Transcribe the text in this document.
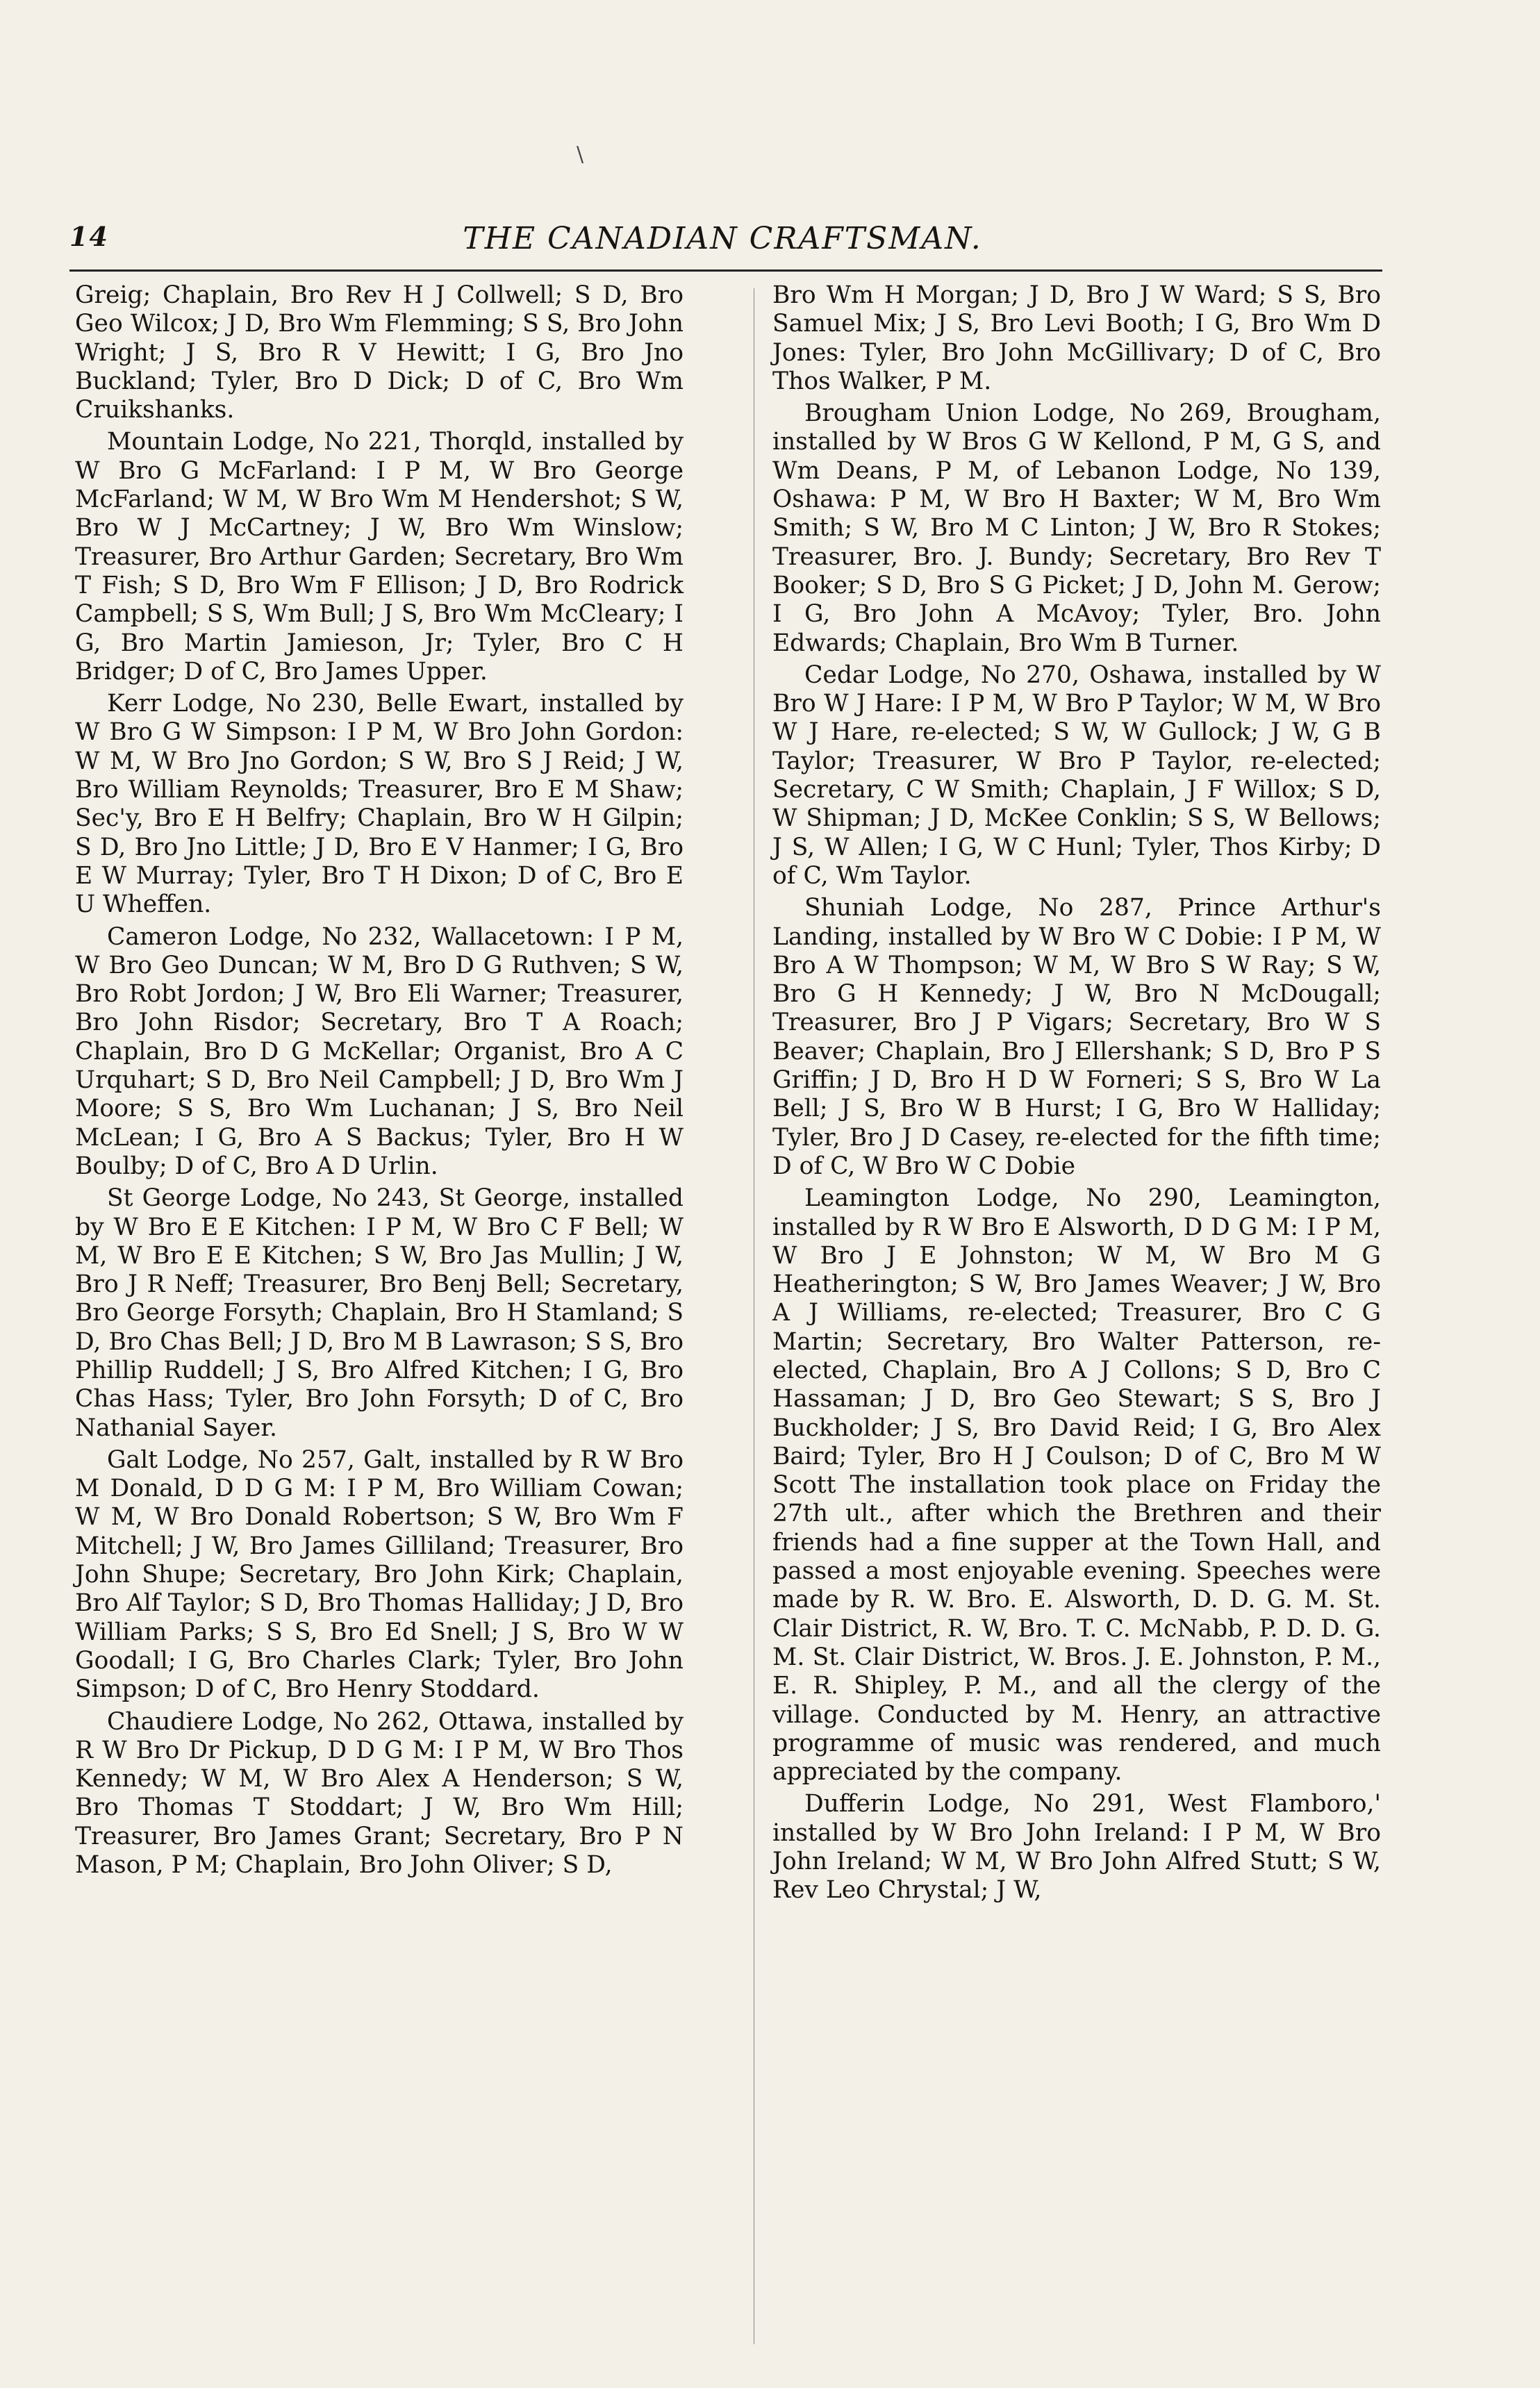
\
14	THE CANADIAN CRAFTSMAN.

Greig; Chaplain, Bro Rev H J Collwell; S D, Bro Geo Wilcox; J D, Bro Wm Flemming; S S, Bro John Wright; J S, Bro R V Hewitt; I G, Bro Jno Buckland; Tyler, Bro D Dick; D of C, Bro Wm Cruikshanks.

Mountain Lodge, No 221, Thorqld, installed by W Bro G McFarland: I P M, W Bro George McFarland; W M, W Bro Wm M Hendershot; S W, Bro W J McCartney; J W, Bro Wm Winslow; Treasurer, Bro Arthur Garden; Secretary, Bro Wm T Fish; S D, Bro Wm F Ellison; J D, Bro Rodrick Campbell; S S, Wm Bull; J S, Bro Wm McCleary; I G, Bro Martin Jamieson, Jr; Tyler, Bro C H Bridger; D of C, Bro James Upper.

Kerr Lodge, No 230, Belle Ewart, installed by W Bro G W Simpson: I P M, W Bro John Gordon: W M, W Bro Jno Gordon; S W, Bro S J Reid; J W, Bro William Reynolds; Treasurer, Bro E M Shaw; Sec'y, Bro E H Belfry; Chaplain, Bro W H Gilpin; S D, Bro Jno Little; J D, Bro E V Hanmer; I G, Bro E W Murray; Tyler, Bro T H Dixon; D of C, Bro E U Wheffen.

Cameron Lodge, No 232, Wallacetown: I P M, W Bro Geo Duncan; W M, Bro D G Ruthven; S W, Bro Robt Jordon; J W, Bro Eli Warner; Treasurer, Bro John Risdor; Secretary, Bro T A Roach; Chaplain, Bro D G McKellar; Organist, Bro A C Urquhart; S D, Bro Neil Campbell; J D, Bro Wm J Moore; S S, Bro Wm Luchanan; J S, Bro Neil McLean; I G, Bro A S Backus; Tyler, Bro H W Boulby; D of C, Bro A D Urlin.

St George Lodge, No 243, St George, installed by W Bro E E Kitchen: I P M, W Bro C F Bell; W M, W Bro E E Kitchen; S W, Bro Jas Mullin; J W, Bro J R Neff; Treasurer, Bro Benj Bell; Secretary, Bro George Forsyth; Chaplain, Bro H Stamland; S D, Bro Chas Bell; J D, Bro M B Lawrason; S S, Bro Phillip Ruddell; J S, Bro Alfred Kitchen; I G, Bro Chas Hass; Tyler, Bro John Forsyth; D of C, Bro Nathanial Sayer.

Galt Lodge, No 257, Galt, installed by R W Bro M Donald, D D G M: I P M, Bro William Cowan; W M, W Bro Donald Robertson; S W, Bro Wm F Mitchell; J W, Bro James Gilliland; Treasurer, Bro John Shupe; Secretary, Bro John Kirk; Chaplain, Bro Alf Taylor; S D, Bro Thomas Halliday; J D, Bro William Parks; S S, Bro Ed Snell; J S, Bro W W Goodall; I G, Bro Charles Clark; Tyler, Bro John Simpson; D of C, Bro Henry Stoddard.

Chaudiere Lodge, No 262, Ottawa, installed by R W Bro Dr Pickup, D D G M: I P M, W Bro Thos Kennedy; W M, W Bro Alex A Henderson; S W, Bro Thomas T Stoddart; J W, Bro Wm Hill; Treasurer, Bro James Grant; Secretary, Bro P N Mason, P M; Chaplain, Bro John Oliver; S D,

Bro Wm H Morgan; J D, Bro J W Ward; S S, Bro Samuel Mix; J S, Bro Levi Booth; I G, Bro Wm D Jones: Tyler, Bro John McGillivary; D of C, Bro Thos Walker, P M.

Brougham Union Lodge, No 269, Brougham, installed by W Bros G W Kellond, P M, G S, and Wm Deans, P M, of Lebanon Lodge, No 139, Oshawa: P M, W Bro H Baxter; W M, Bro Wm Smith; S W, Bro M C Linton; J W, Bro R Stokes; Treasurer, Bro. J. Bundy; Secretary, Bro Rev T Booker; S D, Bro S G Picket; J D, John M. Gerow; I G, Bro John A McAvoy; Tyler, Bro. John Edwards; Chaplain, Bro Wm B Turner.

Cedar Lodge, No 270, Oshawa, installed by W Bro W J Hare: I P M, W Bro P Taylor; W M, W Bro W J Hare, re-elected; S W, W Gullock; J W, G B Taylor; Treasurer, W Bro P Taylor, re-elected; Secretary, C W Smith; Chaplain, J F Willox; S D, W Shipman; J D, McKee Conklin; S S, W Bellows; J S, W Allen; I G, W C Hunl; Tyler, Thos Kirby; D of C, Wm Taylor.

Shuniah Lodge, No 287, Prince Arthur's Landing, installed by W Bro W C Dobie: I P M, W Bro A W Thompson; W M, W Bro S W Ray; S W, Bro G H Kennedy; J W, Bro N McDougall; Treasurer, Bro J P Vigars; Secretary, Bro W S Beaver; Chaplain, Bro J Ellershank; S D, Bro P S Griffin; J D, Bro H D W Forneri; S S, Bro W La Bell; J S, Bro W B Hurst; I G, Bro W Halliday; Tyler, Bro J D Casey, re-elected for the fifth time; D of C, W Bro W C Dobie

Leamington Lodge, No 290, Leamington, installed by R W Bro E Alsworth, D D G M: I P M, W Bro J E Johnston; W M, W Bro M G Heatherington; S W, Bro James Weaver; J W, Bro A J Williams, re-elected; Treasurer, Bro C G Martin; Secretary, Bro Walter Patterson, re-elected, Chaplain, Bro A J Collons; S D, Bro C Hassaman; J D, Bro Geo Stewart; S S, Bro J Buckholder; J S, Bro David Reid; I G, Bro Alex Baird; Tyler, Bro H J Coulson; D of C, Bro M W Scott The installation took place on Friday the 27th ult., after which the Brethren and their friends had a fine supper at the Town Hall, and passed a most enjoyable evening. Speeches were made by R. W. Bro. E. Alsworth, D. D. G. M. St. Clair District, R. W, Bro. T. C. McNabb, P. D. D. G. M. St. Clair District, W. Bros. J. E. Johnston, P. M., E. R. Shipley, P. M., and all the clergy of the village. Conducted by M. Henry, an attractive programme of music was rendered, and much appreciated by the company.

Dufferin Lodge, No 291, West Flamboro,' installed by W Bro John Ireland: I P M, W Bro John Ireland; W M, W Bro John Alfred Stutt; S W, Rev Leo Chrystal; J W,
